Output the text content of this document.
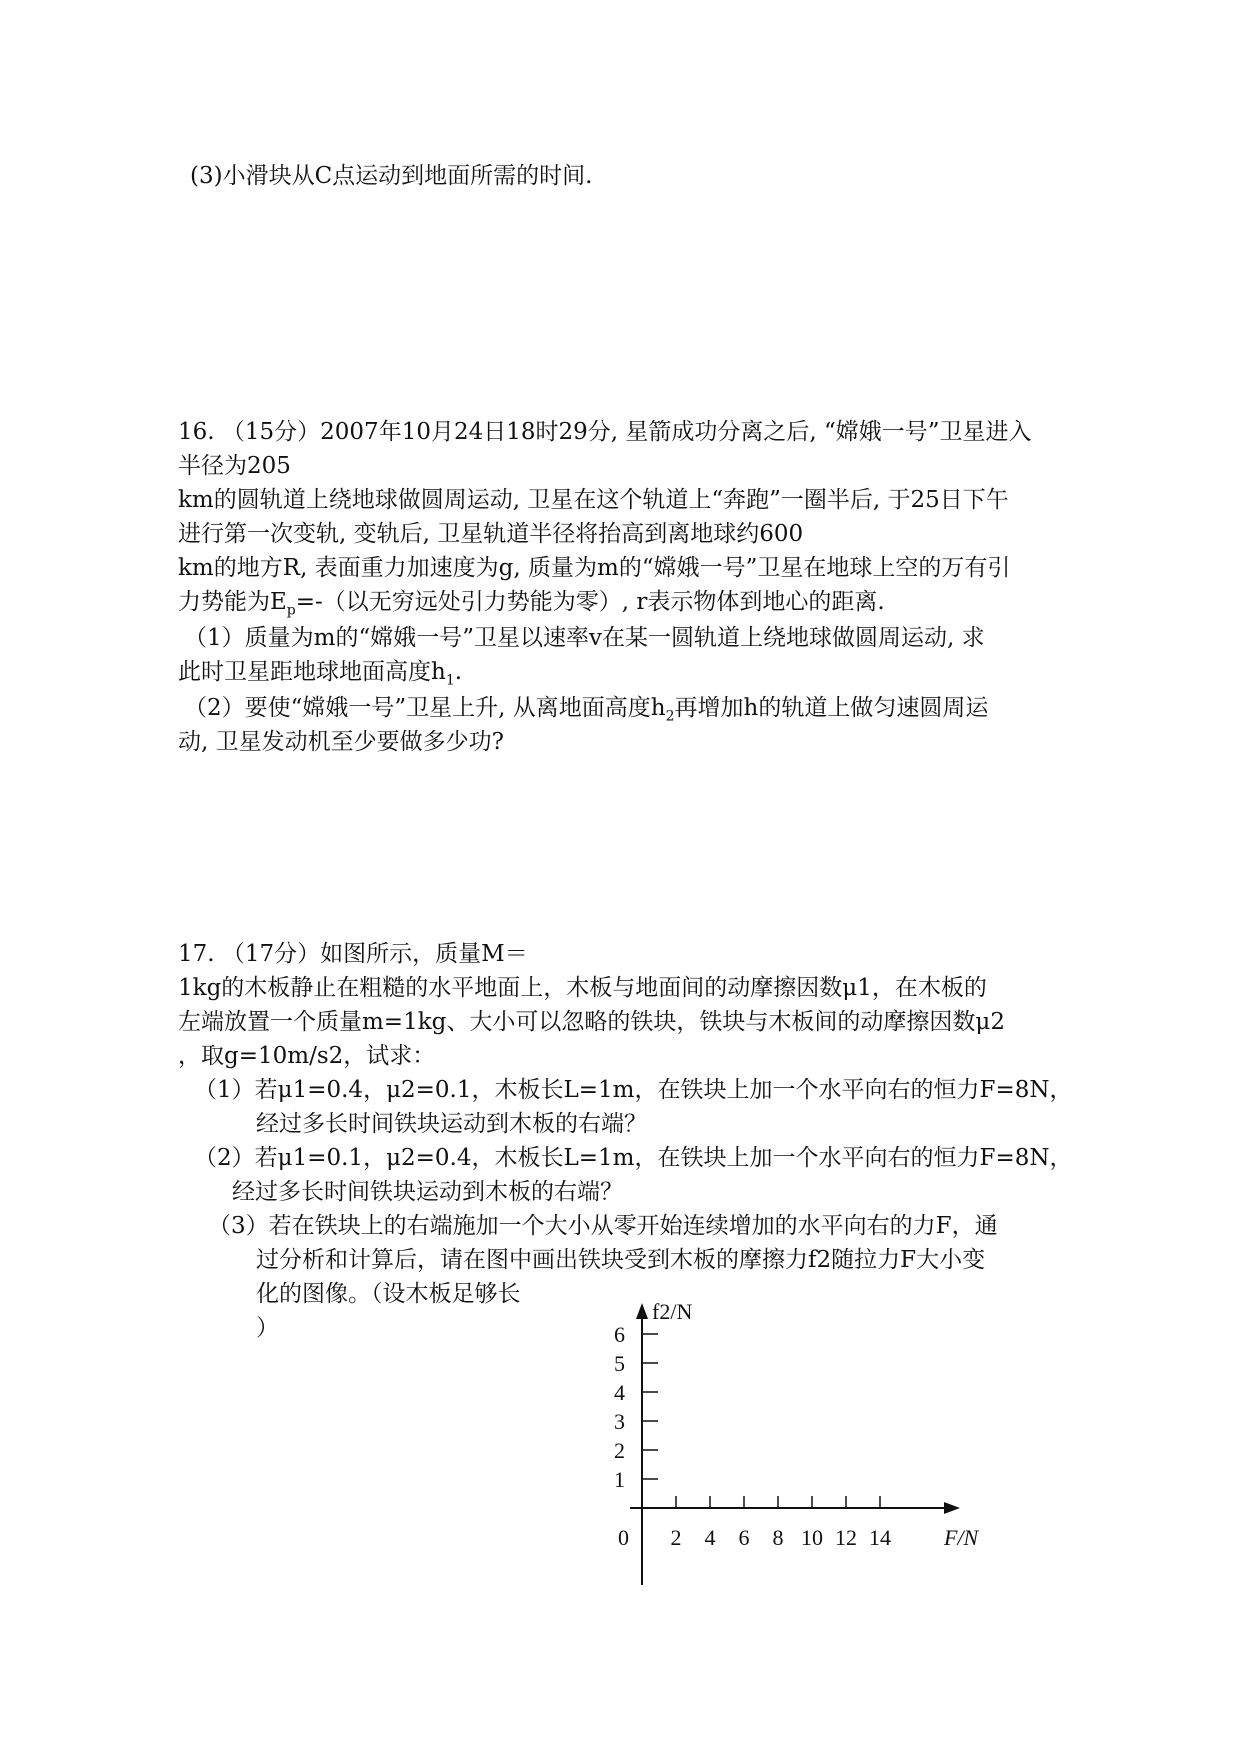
(3)小滑块从C点运动到地面所需的时间.
16. （15分）2007年10月24日18时29分, 星箭成功分离之后, “嫦娥一号”卫星进入
半径为205
km的圆轨道上绕地球做圆周运动, 卫星在这个轨道上“奔跑”一圈半后, 于25日下午
进行第一次变轨, 变轨后, 卫星轨道半径将抬高到离地球约600
km的地方R, 表面重力加速度为g, 质量为m的“嫦娥一号”卫星在地球上空的万有引
力势能为$E_p=-$（以无穷远处引力势能为零）, r表示物体到地心的距离.
（1）质量为m的“嫦娥一号”卫星以速率v在某一圆轨道上绕地球做圆周运动, 求
此时卫星距地球地面高度$h_1$.
（2）要使“嫦娥一号”卫星上升, 从离地面高度$h_2$再增加h的轨道上做匀速圆周运
动, 卫星发动机至少要做多少功?
17. （17分）如图所示，质量M＝
1kg的木板静止在粗糙的水平地面上，木板与地面间的动摩擦因数μ1，在木板的
左端放置一个质量m=1kg、大小可以忽略的铁块，铁块与木板间的动摩擦因数μ2
，取g=10m/s2，试求：
（1）若μ1=0.4，μ2=0.1，木板长L=1m，在铁块上加一个水平向右的恒力F=8N，
经过多长时间铁块运动到木板的右端？
（2）若μ1=0.1，μ2=0.4，木板长L=1m，在铁块上加一个水平向右的恒力F=8N，
经过多长时间铁块运动到木板的右端？
（3）若在铁块上的右端施加一个大小从零开始连续增加的水平向右的力F，通
过分析和计算后，请在图中画出铁块受到木板的摩擦力f2随拉力F大小变
化的图像。（设木板足够长
）
f2/N
F/N
0
1
2
3
4
5
6
2 4 6 8 10 12 14
